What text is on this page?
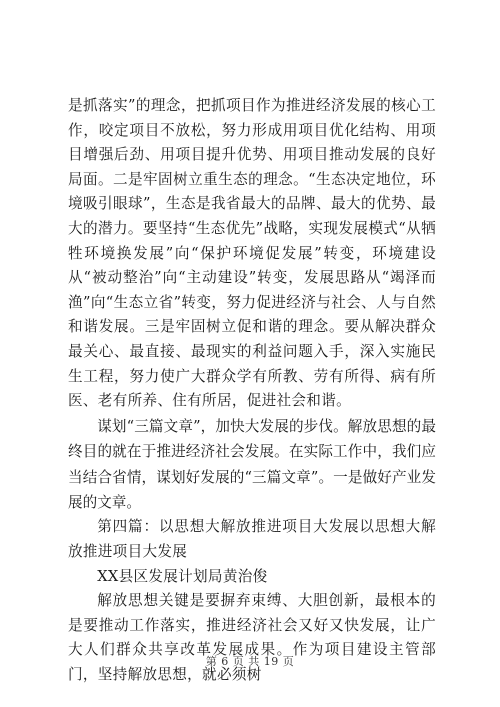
是抓落实”的理念，把抓项目作为推进经济发展的核心工作，咬定项目不放松，努力形成用项目优化结构、用项目增强后劲、用项目提升优势、用项目推动发展的良好局面。二是牢固树立重生态的理念。“生态决定地位，环境吸引眼球”，生态是我省最大的品牌、最大的优势、最大的潜力。要坚持“生态优先”战略，实现发展模式“从牺牲环境换发展”向“保护环境促发展”转变，环境建设从“被动整治”向“主动建设”转变，发展思路从“竭泽而渔”向“生态立省”转变，努力促进经济与社会、人与自然和谐发展。三是牢固树立促和谐的理念。要从解决群众最关心、最直接、最现实的利益问题入手，深入实施民生工程，努力使广大群众学有所教、劳有所得、病有所医、老有所养、住有所居，促进社会和谐。

谋划“三篇文章”，加快大发展的步伐。解放思想的最终目的就在于推进经济社会发展。在实际工作中，我们应当结合省情，谋划好发展的“三篇文章”。一是做好产业发展的文章。

第四篇：以思想大解放推进项目大发展以思想大解放推进项目大发展

XX县区发展计划局黄治俊

解放思想关键是要摒弃束缚、大胆创新，最根本的是要推动工作落实，推进经济社会又好又快发展，让广大人们群众共享改革发展成果。作为项目建设主管部门，坚持解放思想，就必须树

第 6 页 共 19 页
